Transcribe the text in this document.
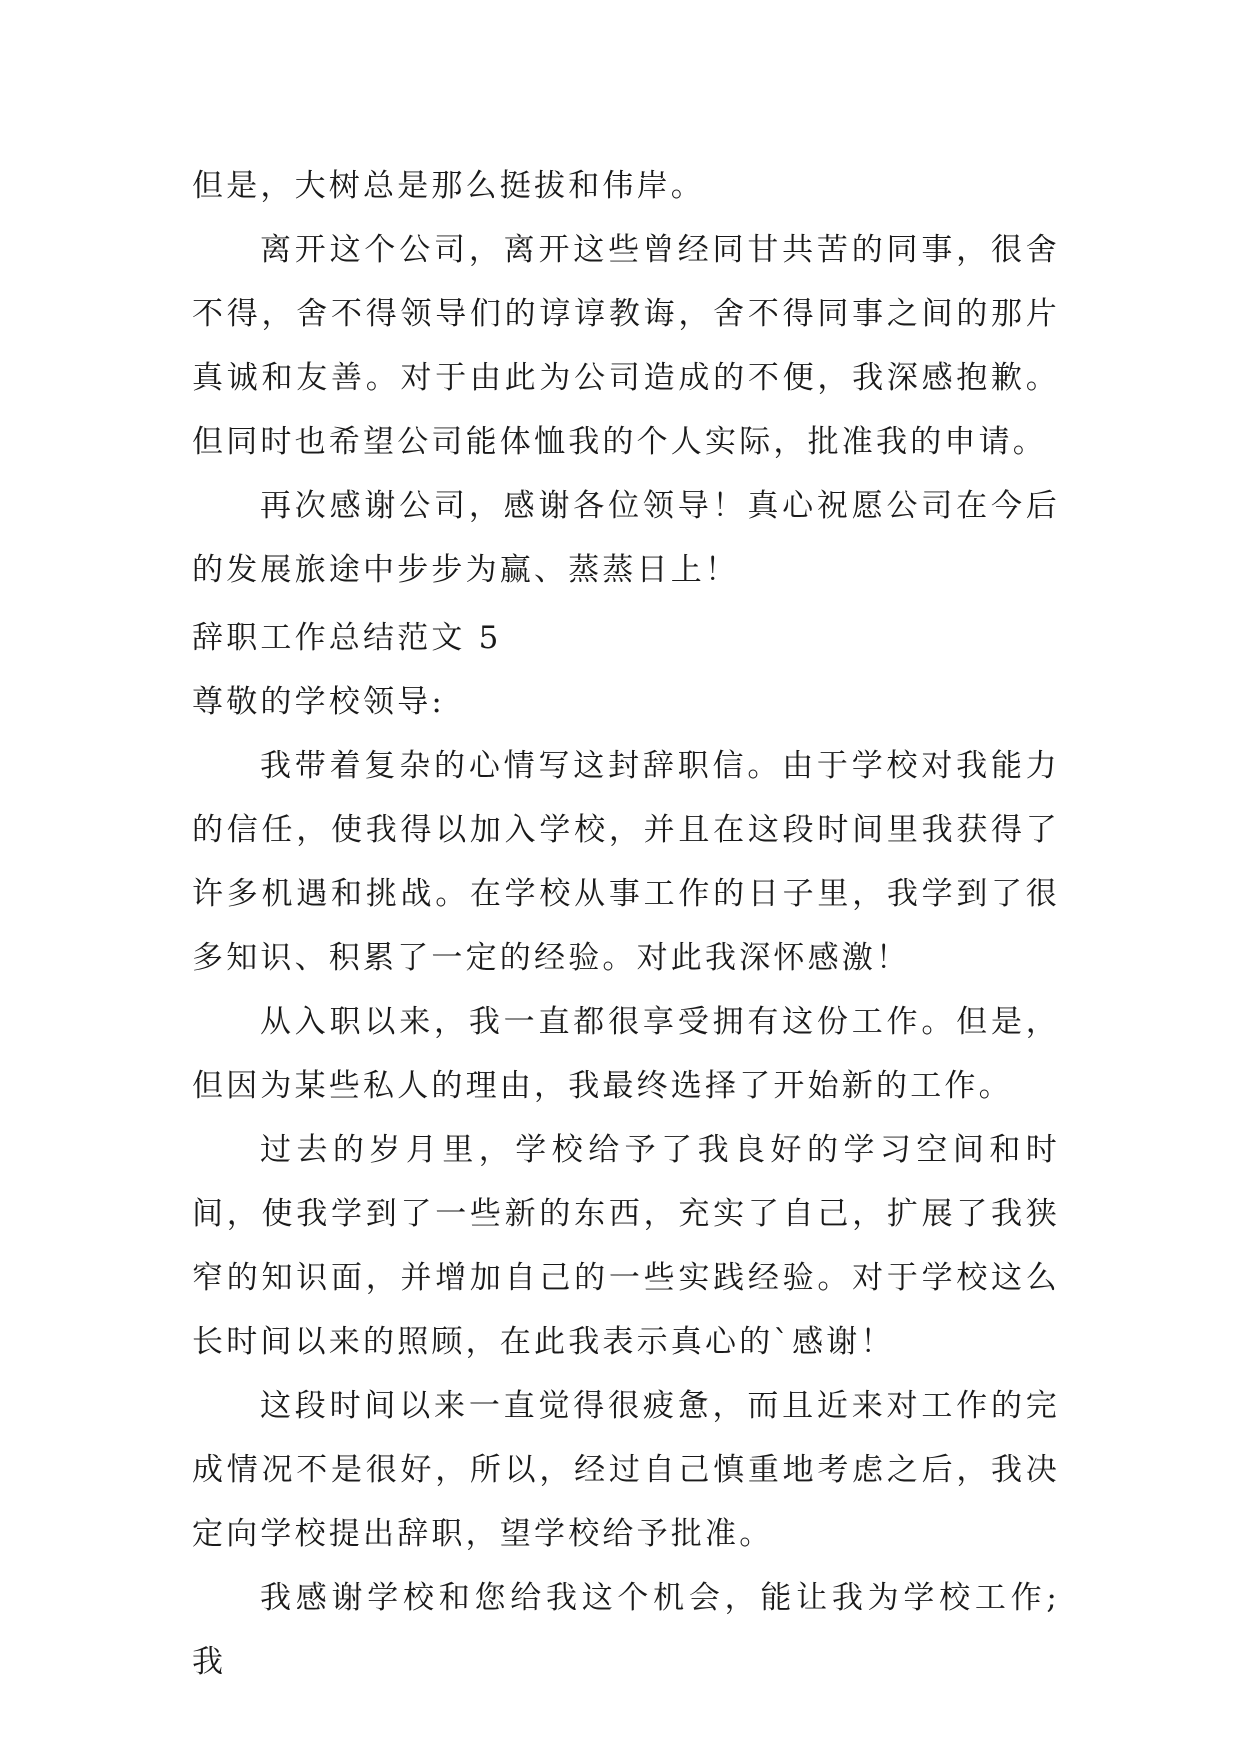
但是，大树总是那么挺拔和伟岸。

离开这个公司，离开这些曾经同甘共苦的同事，很舍不得，舍不得领导们的谆谆教诲，舍不得同事之间的那片真诚和友善。对于由此为公司造成的不便，我深感抱歉。但同时也希望公司能体恤我的个人实际，批准我的申请。

再次感谢公司，感谢各位领导！真心祝愿公司在今后的发展旅途中步步为赢、蒸蒸日上！

辞职工作总结范文 5

尊敬的学校领导:

我带着复杂的心情写这封辞职信。由于学校对我能力的信任，使我得以加入学校，并且在这段时间里我获得了许多机遇和挑战。在学校从事工作的日子里，我学到了很多知识、积累了一定的经验。对此我深怀感激！

从入职以来，我一直都很享受拥有这份工作。但是，但因为某些私人的理由，我最终选择了开始新的工作。

过去的岁月里，学校给予了我良好的学习空间和时间，使我学到了一些新的东西，充实了自己，扩展了我狭窄的知识面，并增加自己的一些实践经验。对于学校这么长时间以来的照顾，在此我表示真心的`感谢！

这段时间以来一直觉得很疲惫，而且近来对工作的完成情况不是很好，所以，经过自己慎重地考虑之后，我决定向学校提出辞职，望学校给予批准。

我感谢学校和您给我这个机会，能让我为学校工作;我
